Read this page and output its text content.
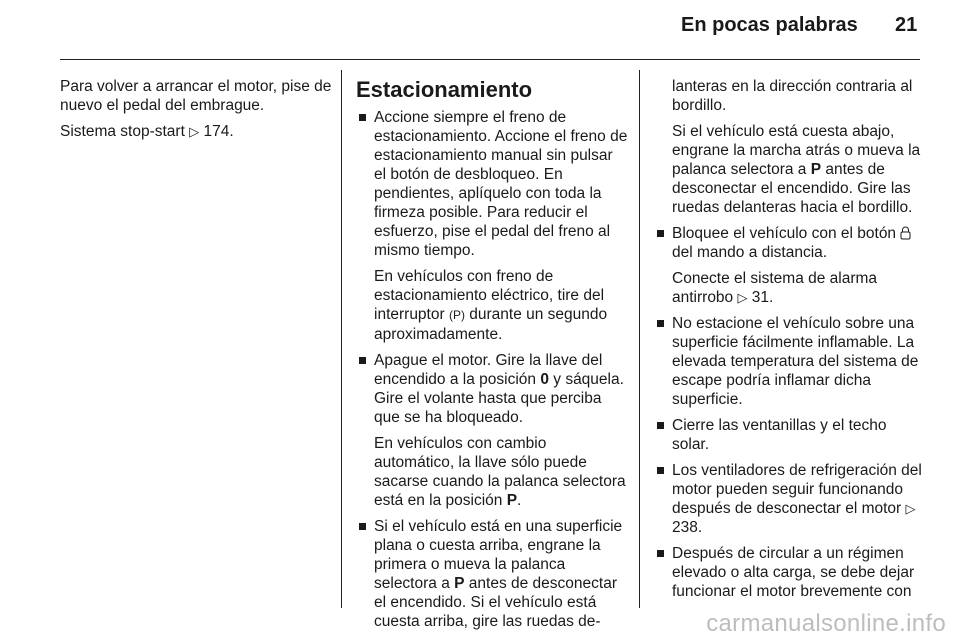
En pocas palabras 21

Para volver a arrancar el motor, pise de nuevo el pedal del embrague.

Sistema stop-start ▷ 174.

Estacionamiento
Accione siempre el freno de estacionamiento. Accione el freno de estacionamiento manual sin pulsar el botón de desbloqueo. En pendientes, aplíquelo con toda la firmeza posible. Para reducir el esfuerzo, pise el pedal del freno al mismo tiempo.
En vehículos con freno de estacionamiento eléctrico, tire del interruptor (P) durante un segundo aproximadamente.
Apague el motor. Gire la llave del encendido a la posición 0 y sáquela. Gire el volante hasta que perciba que se ha bloqueado.
En vehículos con cambio automático, la llave sólo puede sacarse cuando la palanca selectora está en la posición P.
Si el vehículo está en una superficie plana o cuesta arriba, engrane la primera o mueva la palanca selectora a P antes de desconectar el encendido. Si el vehículo está cuesta arriba, gire las ruedas de-
lanteras en la dirección contraria al bordillo.
Si el vehículo está cuesta abajo, engrane la marcha atrás o mueva la palanca selectora a P antes de desconectar el encendido. Gire las ruedas delanteras hacia el bordillo.
Bloquee el vehículo con el botón  del mando a distancia.
Conecte el sistema de alarma antirrobo ▷ 31.
No estacione el vehículo sobre una superficie fácilmente inflamable. La elevada temperatura del sistema de escape podría inflamar dicha superficie.
Cierre las ventanillas y el techo solar.
Los ventiladores de refrigeración del motor pueden seguir funcionando después de desconectar el motor ▷ 238.
Después de circular a un régimen elevado o alta carga, se debe dejar funcionar el motor brevemente con
carmanualsonline.info
